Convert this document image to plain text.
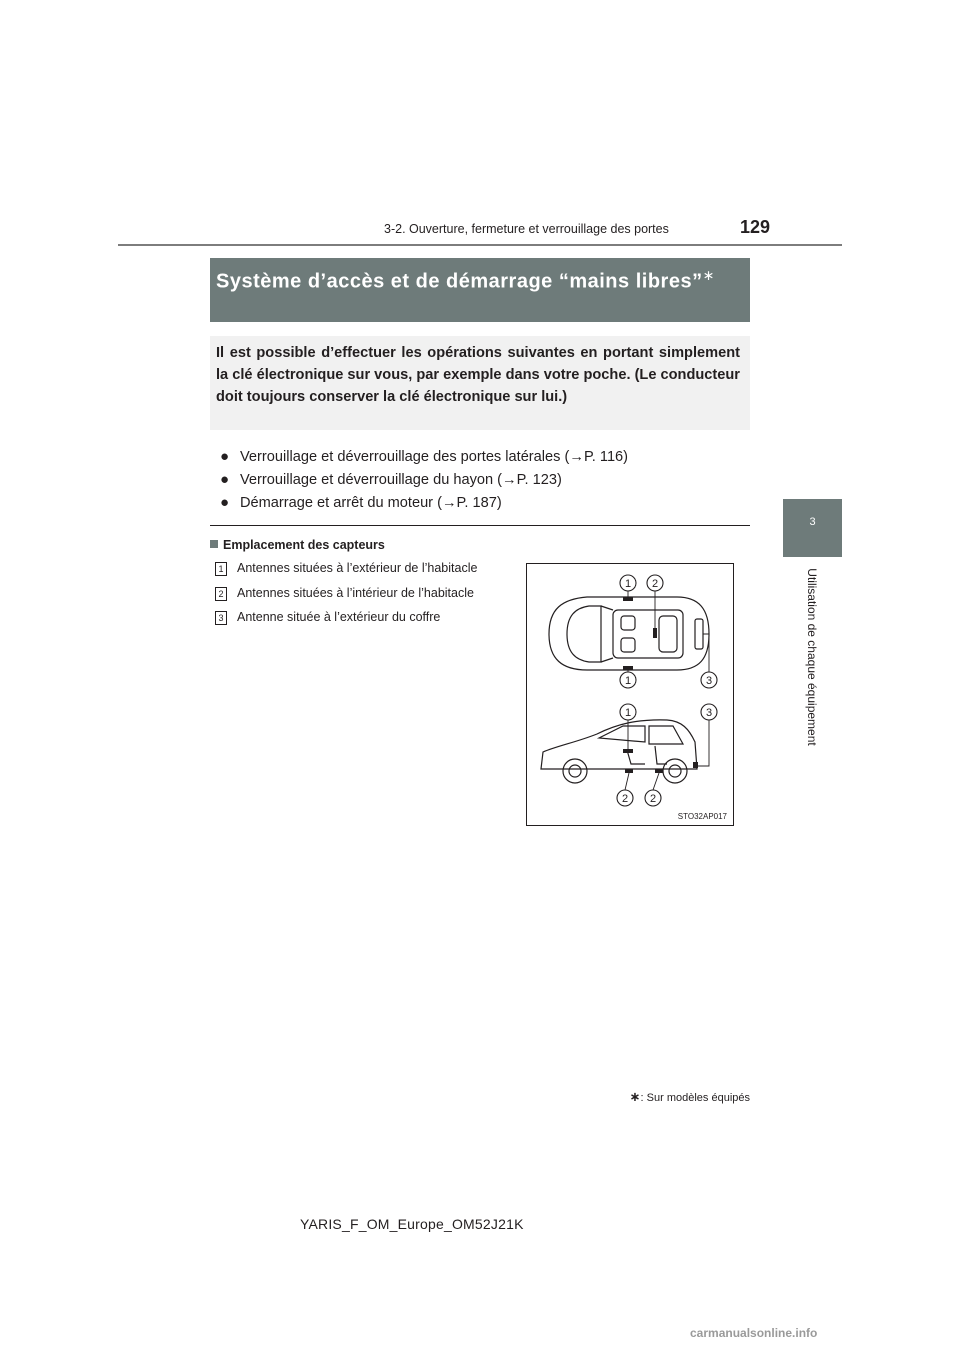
3-2. Ouverture, fermeture et verrouillage des portes	129
3
Utilisation de chaque équipement
Système d’accès et de démarrage “mains libres”∗
Il est possible d’effectuer les opérations suivantes en portant simplement la clé électronique sur vous, par exemple dans votre poche. (Le conducteur doit toujours conserver la clé électronique sur lui.)
● Verrouillage et déverrouillage des portes latérales (→P. 116)
● Verrouillage et déverrouillage du hayon (→P. 123)
● Démarrage et arrêt du moteur (→P. 187)
Emplacement des capteurs
1 Antennes situées à l’extérieur de l’habitacle
2 Antennes situées à l’intérieur de l’habitacle
3 Antenne située à l’extérieur du coffre
1 2
1	3
1	3
2 2
STO32AP017
∗: Sur modèles équipés
YARIS_F_OM_Europe_OM52J21K
carmanualsonline.info
